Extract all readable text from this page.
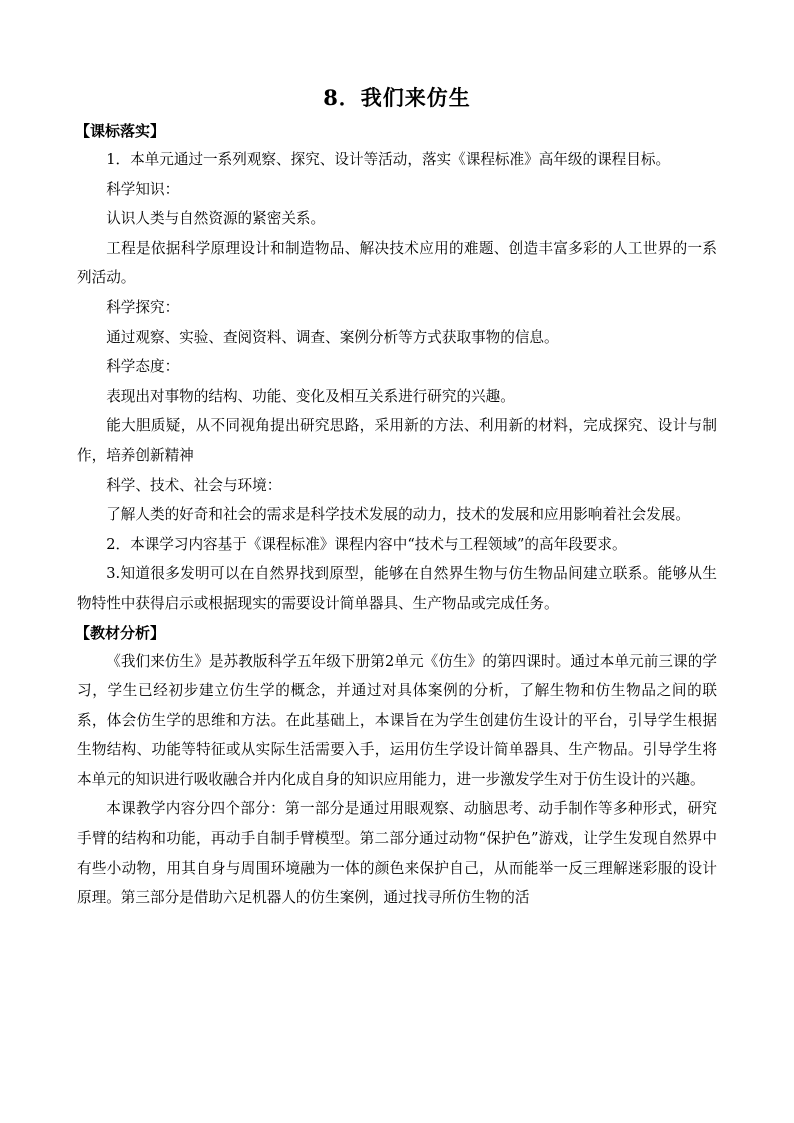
8．我们来仿生
【课标落实】

1．本单元通过一系列观察、探究、设计等活动，落实《课程标准》高年级的课程目标。

科学知识：

认识人类与自然资源的紧密关系。

工程是依据科学原理设计和制造物品、解决技术应用的难题、创造丰富多彩的人工世界的一系列活动。

科学探究：

通过观察、实验、查阅资料、调查、案例分析等方式获取事物的信息。

科学态度：

表现出对事物的结构、功能、变化及相互关系进行研究的兴趣。

能大胆质疑，从不同视角提出研究思路，采用新的方法、利用新的材料，完成探究、设计与制作，培养创新精神

科学、技术、社会与环境：

了解人类的好奇和社会的需求是科学技术发展的动力，技术的发展和应用影响着社会发展。

2．本课学习内容基于《课程标准》课程内容中“技术与工程领域”的高年段要求。

3.知道很多发明可以在自然界找到原型，能够在自然界生物与仿生物品间建立联系。能够从生物特性中获得启示或根据现实的需要设计简单器具、生产物品或完成任务。

【教材分析】

《我们来仿生》是苏教版科学五年级下册第2单元《仿生》的第四课时。通过本单元前三课的学习，学生已经初步建立仿生学的概念，并通过对具体案例的分析，了解生物和仿生物品之间的联系，体会仿生学的思维和方法。在此基础上，本课旨在为学生创建仿生设计的平台，引导学生根据生物结构、功能等特征或从实际生活需要入手，运用仿生学设计简单器具、生产物品。引导学生将本单元的知识进行吸收融合并内化成自身的知识应用能力，进一步激发学生对于仿生设计的兴趣。

本课教学内容分四个部分：第一部分是通过用眼观察、动脑思考、动手制作等多种形式，研究手臂的结构和功能，再动手自制手臂模型。第二部分通过动物“保护色”游戏，让学生发现自然界中有些小动物，用其自身与周围环境融为一体的颜色来保护自己，从而能举一反三理解迷彩服的设计原理。第三部分是借助六足机器人的仿生案例，通过找寻所仿生物的活
